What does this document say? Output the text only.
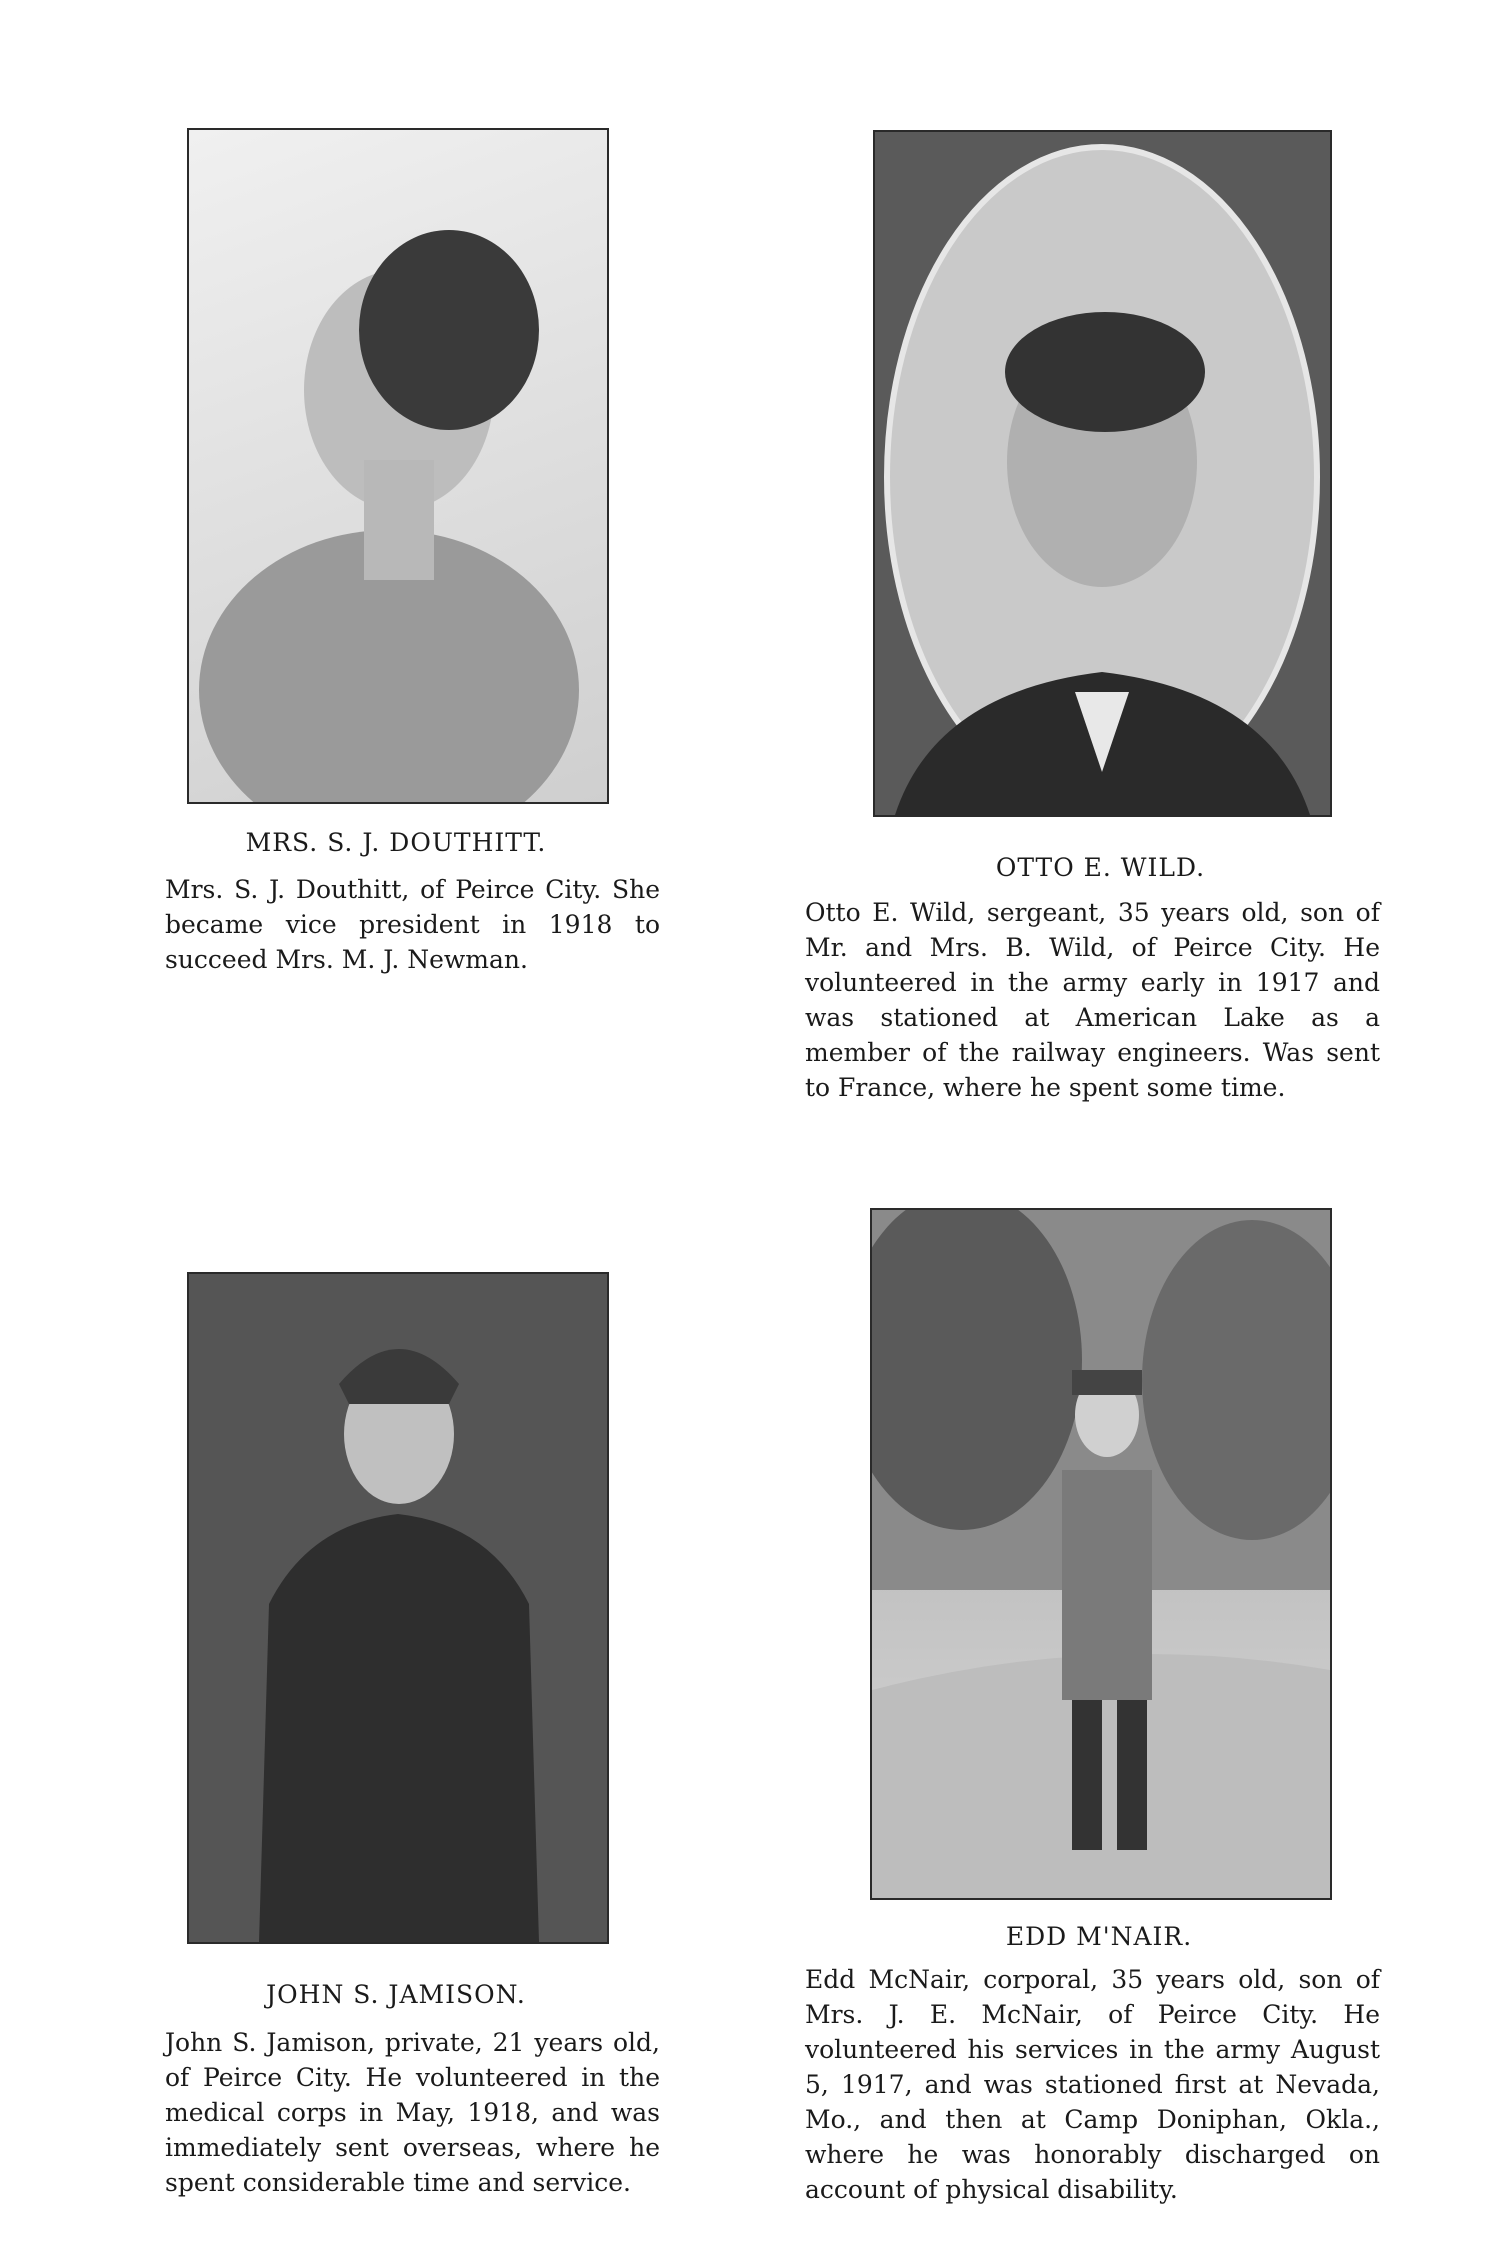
MRS. S. J. DOUTHITT.
Mrs. S. J. Douthitt, of Peirce City. She became vice president in 1918 to succeed Mrs. M. J. Newman.
OTTO E. WILD.
Otto E. Wild, sergeant, 35 years old, son of Mr. and Mrs. B. Wild, of Peirce City. He volunteered in the army early in 1917 and was stationed at American Lake as a member of the railway engineers. Was sent to France, where he spent some time.
JOHN S. JAMISON.
John S. Jamison, private, 21 years old, of Peirce City. He volunteered in the medical corps in May, 1918, and was immediately sent overseas, where he spent considerable time and service.
EDD M'NAIR.
Edd McNair, corporal, 35 years old, son of Mrs. J. E. McNair, of Peirce City. He volunteered his services in the army August 5, 1917, and was stationed first at Nevada, Mo., and then at Camp Doniphan, Okla., where he was honorably discharged on account of physical disability.
